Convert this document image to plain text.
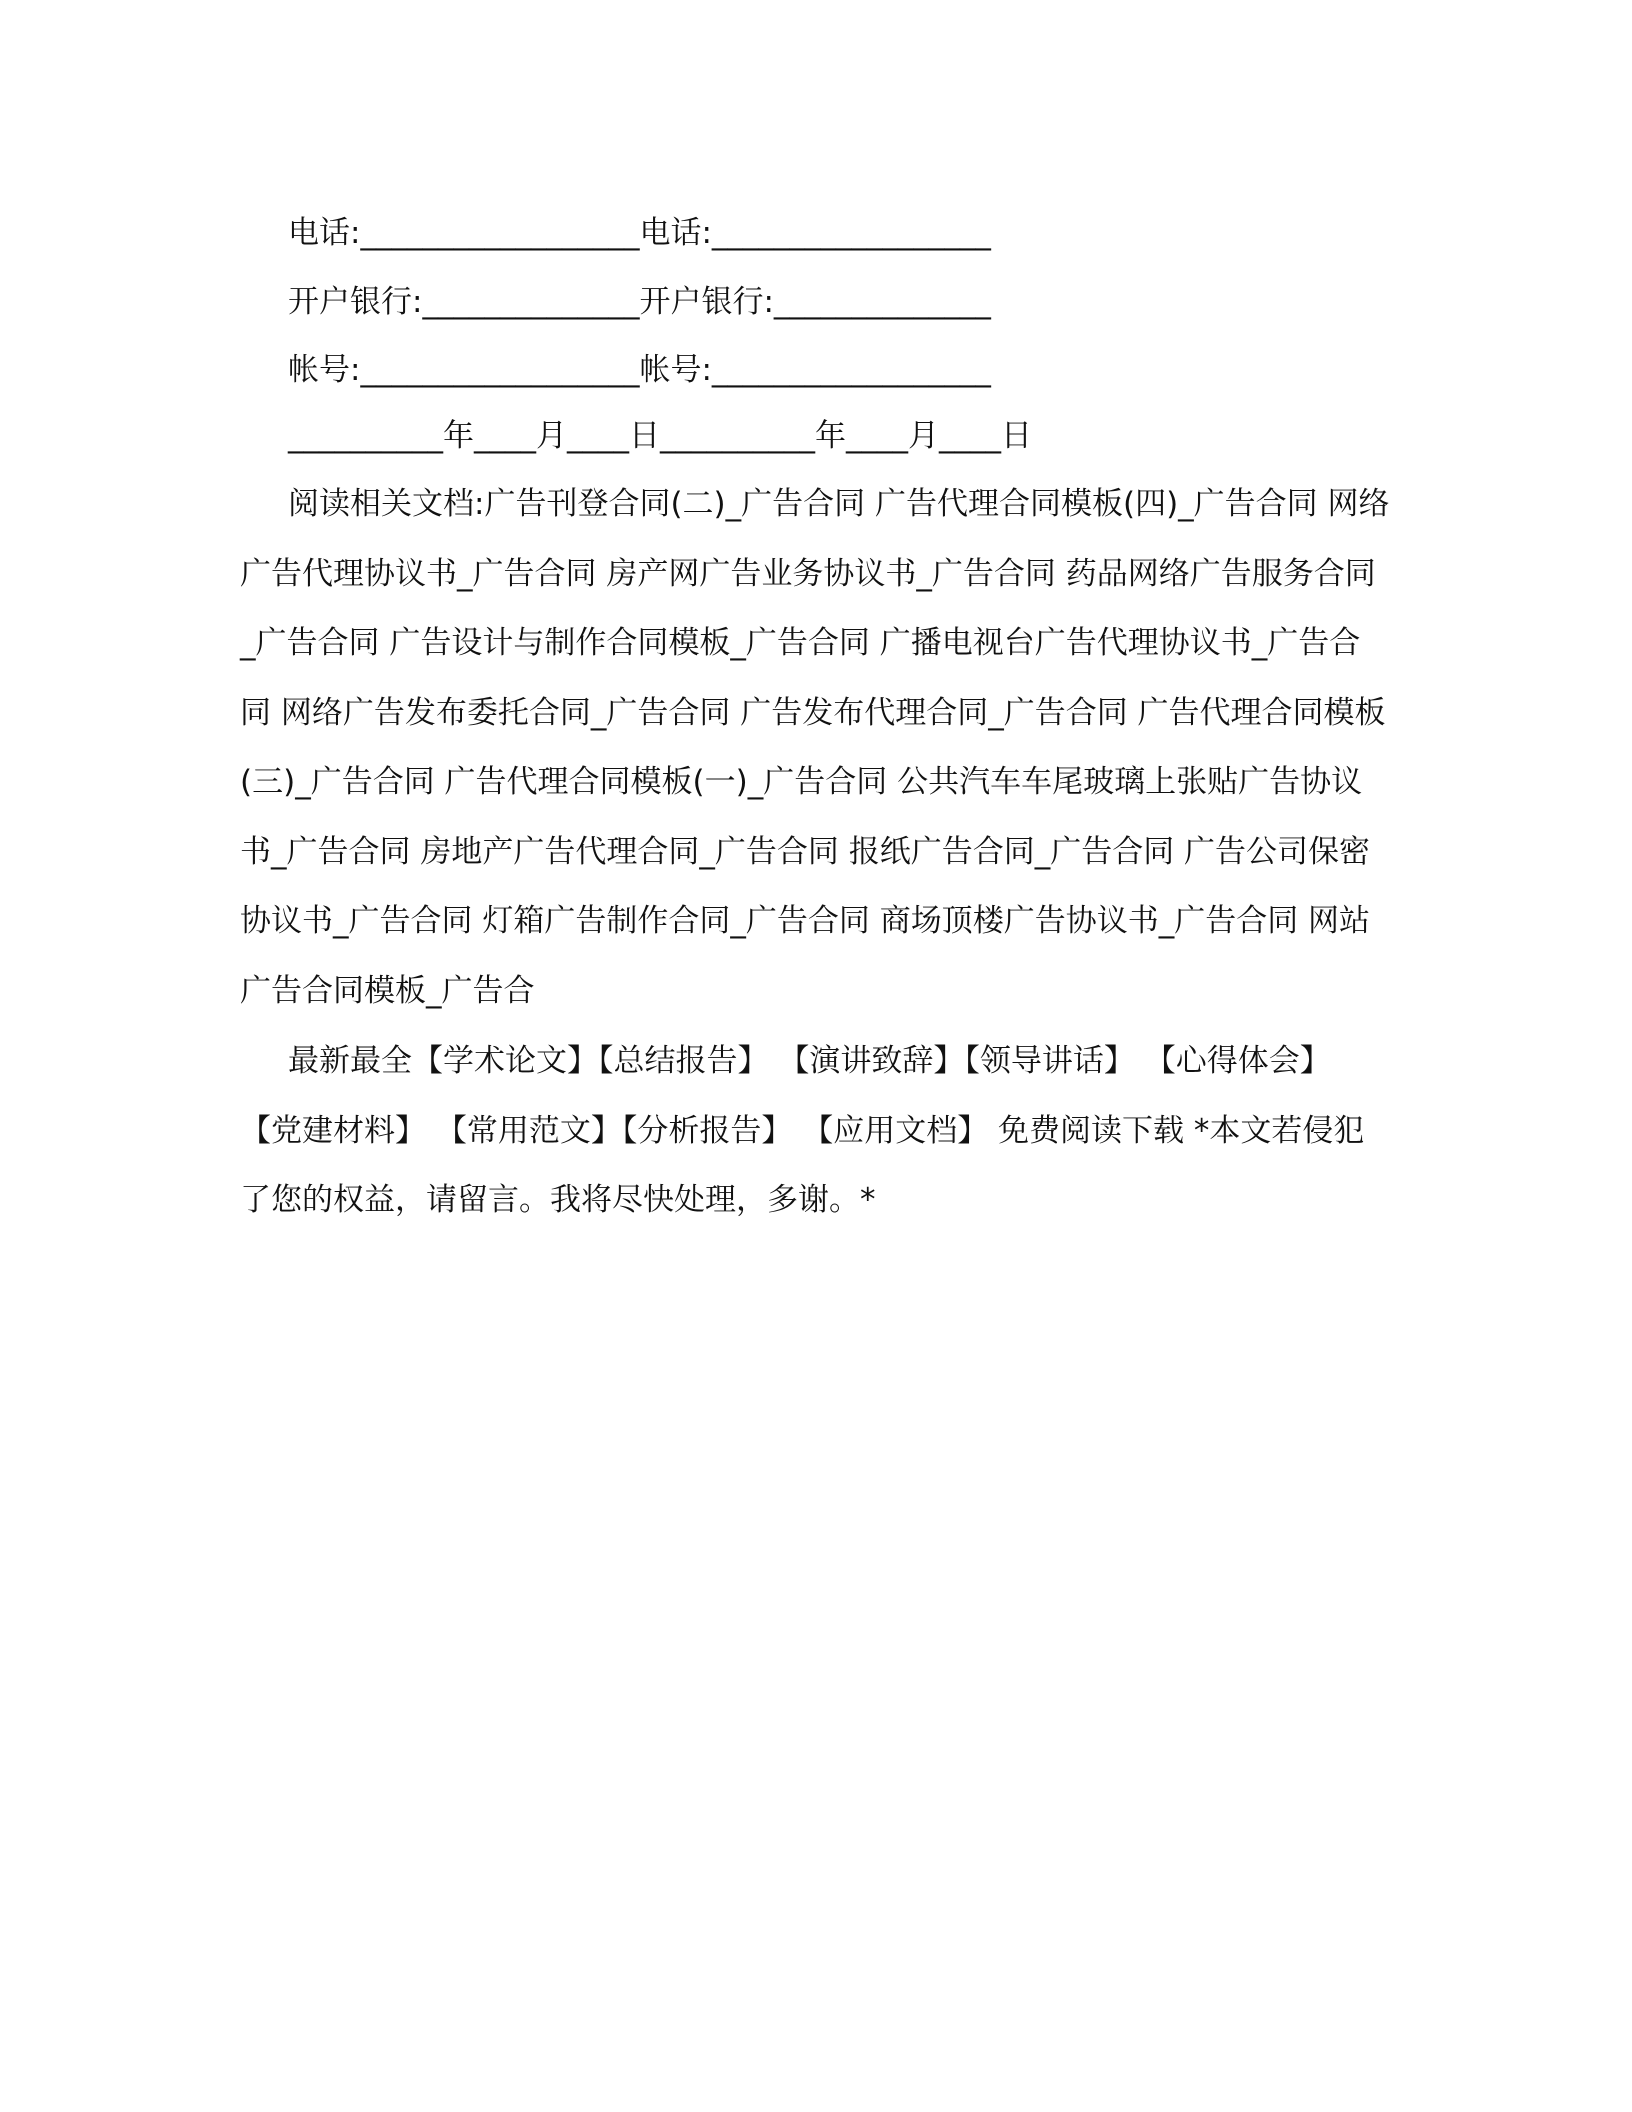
电话:__________________电话:__________________
开户银行:______________开户银行:______________
帐号:__________________帐号:__________________
__________年____月____日__________年____月____日

阅读相关文档:广告刊登合同(二)_广告合同 广告代理合同模板(四)_广告合同 网络广告代理协议书_广告合同 房产网广告业务协议书_广告合同 药品网络广告服务合同_广告合同 广告设计与制作合同模板_广告合同 广播电视台广告代理协议书_广告合同 网络广告发布委托合同_广告合同 广告发布代理合同_广告合同 广告代理合同模板(三)_广告合同 广告代理合同模板(一)_广告合同 公共汽车车尾玻璃上张贴广告协议书_广告合同 房地产广告代理合同_广告合同 报纸广告合同_广告合同 广告公司保密协议书_广告合同 灯箱广告制作合同_广告合同 商场顶楼广告协议书_广告合同 网站广告合同模板_广告合

最新最全【学术论文】【总结报告】 【演讲致辞】【领导讲话】 【心得体会】 【党建材料】 【常用范文】【分析报告】 【应用文档】 免费阅读下载 *本文若侵犯了您的权益，请留言。我将尽快处理，多谢。*
